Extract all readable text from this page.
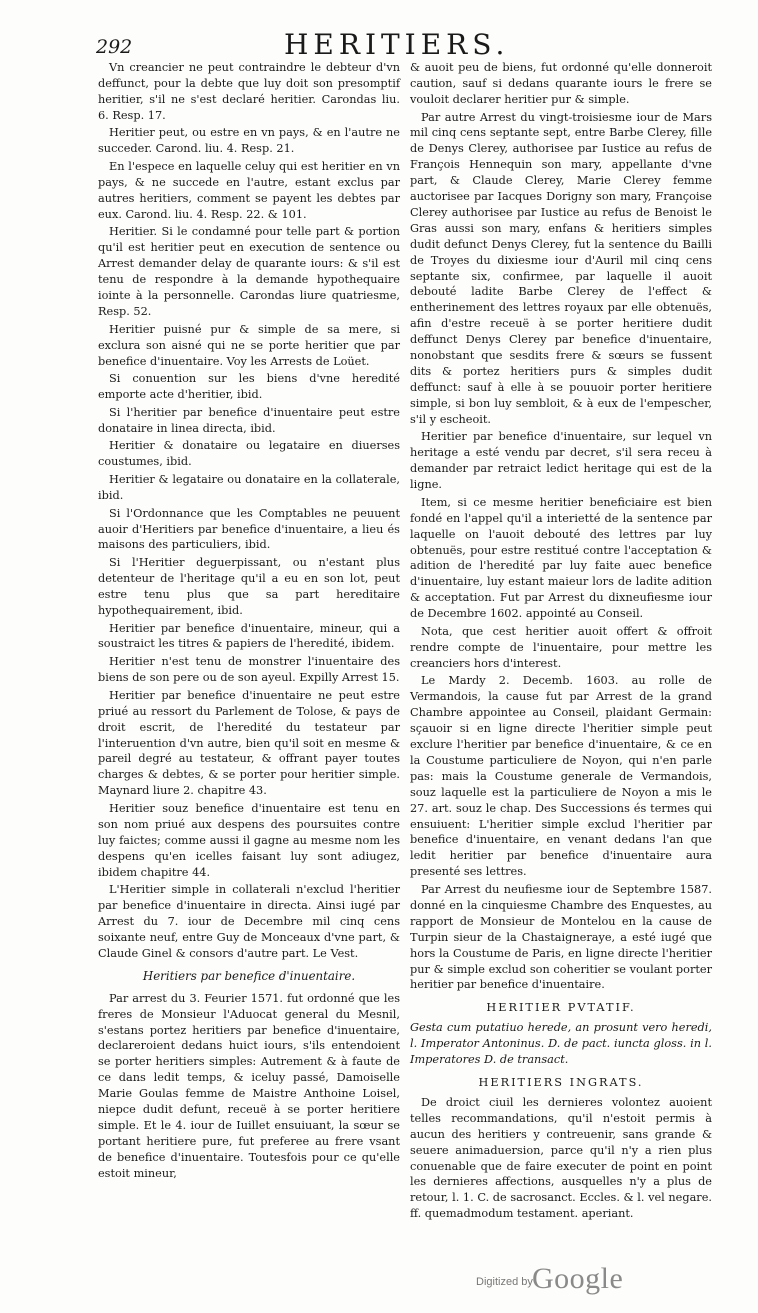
292	HERITIERS.

Vn creancier ne peut contraindre le debteur d'vn deffunct, pour la debte que luy doit son presomptif heritier, s'il ne s'est declaré heritier. Carondas liu. 6. Resp. 17.

Heritier peut, ou estre en vn pays, & en l'autre ne succeder. Carond. liu. 4. Resp. 21.

En l'espece en laquelle celuy qui est heritier en vn pays, & ne succede en l'autre, estant exclus par autres heritiers, comment se payent les debtes par eux. Carond. liu. 4. Resp. 22. & 101.

Heritier. Si le condamné pour telle part & portion qu'il est heritier peut en execution de sentence ou Arrest demander delay de quarante iours: & s'il est tenu de respondre à la demande hypothequaire iointe à la personnelle. Carondas liure quatriesme, Resp. 52.

Heritier puisné pur & simple de sa mere, si exclura son aisné qui ne se porte heritier que par benefice d'inuentaire. Voy les Arrests de Loüet.

Si conuention sur les biens d'vne heredité emporte acte d'heritier, ibid.

Si l'heritier par benefice d'inuentaire peut estre donataire in linea directa, ibid.

Heritier & donataire ou legataire en diuerses coustumes, ibid.

Heritier & legataire ou donataire en la collaterale, ibid.

Si l'Ordonnance que les Comptables ne peuuent auoir d'Heritiers par benefice d'inuentaire, a lieu és maisons des particuliers, ibid.

Si l'Heritier deguerpissant, ou n'estant plus detenteur de l'heritage qu'il a eu en son lot, peut estre tenu plus que sa part hereditaire hypothequairement, ibid.

Heritier par benefice d'inuentaire, mineur, qui a soustraict les titres & papiers de l'heredité, ibidem.

Heritier n'est tenu de monstrer l'inuentaire des biens de son pere ou de son ayeul. Expilly Arrest 15.

Heritier par benefice d'inuentaire ne peut estre priué au ressort du Parlement de Tolose, & pays de droit escrit, de l'heredité du testateur par l'interuention d'vn autre, bien qu'il soit en mesme & pareil degré au testateur, & offrant payer toutes charges & debtes, & se porter pour heritier simple. Maynard liure 2. chapitre 43.

Heritier souz benefice d'inuentaire est tenu en son nom priué aux despens des poursuites contre luy faictes; comme aussi il gagne au mesme nom les despens qu'en icelles faisant luy sont adiugez, ibidem chapitre 44.

L'Heritier simple in collaterali n'exclud l'heritier par benefice d'inuentaire in directa. Ainsi iugé par Arrest du 7. iour de Decembre mil cinq cens soixante neuf, entre Guy de Monceaux d'vne part, & Claude Ginel & consors d'autre part. Le Vest.

Heritiers par benefice d'inuentaire.

Par arrest du 3. Feurier 1571. fut ordonné que les freres de Monsieur l'Aduocat general du Mesnil, s'estans portez heritiers par benefice d'inuentaire, declareroient dedans huict iours, s'ils entendoient se porter heritiers simples: Autrement & à faute de ce dans ledit temps, & iceluy passé, Damoiselle Marie Goulas femme de Maistre Anthoine Loisel, niepce dudit defunt, receuë à se porter heritiere simple. Et le 4. iour de Iuillet ensuiuant, la sœur se portant heritiere pure, fut preferee au frere vsant de benefice d'inuentaire. Toutesfois pour ce qu'elle estoit mineur,

& auoit peu de biens, fut ordonné qu'elle donneroit caution, sauf si dedans quarante iours le frere se vouloit declarer heritier pur & simple.

Par autre Arrest du vingt-troisiesme iour de Mars mil cinq cens septante sept, entre Barbe Clerey, fille de Denys Clerey, authorisee par Iustice au refus de François Hennequin son mary, appellante d'vne part, & Claude Clerey, Marie Clerey femme auctorisee par Iacques Dorigny son mary, Françoise Clerey authorisee par Iustice au refus de Benoist le Gras aussi son mary, enfans & heritiers simples dudit defunct Denys Clerey, fut la sentence du Bailli de Troyes du dixiesme iour d'Auril mil cinq cens septante six, confirmee, par laquelle il auoit debouté ladite Barbe Clerey de l'effect & entherinement des lettres royaux par elle obtenuës, afin d'estre receuë à se porter heritiere dudit deffunct Denys Clerey par benefice d'inuentaire, nonobstant que sesdits frere & sœurs se fussent dits & portez heritiers purs & simples dudit deffunct: sauf à elle à se pouuoir porter heritiere simple, si bon luy sembloit, & à eux de l'empescher, s'il y escheoit.

Heritier par benefice d'inuentaire, sur lequel vn heritage a esté vendu par decret, s'il sera receu à demander par retraict ledict heritage qui est de la ligne.

Item, si ce mesme heritier beneficiaire est bien fondé en l'appel qu'il a interietté de la sentence par laquelle on l'auoit debouté des lettres par luy obtenuës, pour estre restitué contre l'acceptation & adition de l'heredité par luy faite auec benefice d'inuentaire, luy estant maieur lors de ladite adition & acceptation. Fut par Arrest du dixneufiesme iour de Decembre 1602. appointé au Conseil.

Nota, que cest heritier auoit offert & offroit rendre compte de l'inuentaire, pour mettre les creanciers hors d'interest.

Le Mardy 2. Decemb. 1603. au rolle de Vermandois, la cause fut par Arrest de la grand Chambre appointee au Conseil, plaidant Germain: sçauoir si en ligne directe l'heritier simple peut exclure l'heritier par benefice d'inuentaire, & ce en la Coustume particuliere de Noyon, qui n'en parle pas: mais la Coustume generale de Vermandois, souz laquelle est la particuliere de Noyon a mis le 27. art. souz le chap. Des Successions és termes qui ensuiuent: L'heritier simple exclud l'heritier par benefice d'inuentaire, en venant dedans l'an que ledit heritier par benefice d'inuentaire aura presenté ses lettres.

Par Arrest du neufiesme iour de Septembre 1587. donné en la cinquiesme Chambre des Enquestes, au rapport de Monsieur de Montelou en la cause de Turpin sieur de la Chastaigneraye, a esté iugé que hors la Coustume de Paris, en ligne directe l'heritier pur & simple exclud son coheritier se voulant porter heritier par benefice d'inuentaire.

HERITIER PVTATIF.

Gesta cum putatiuo herede, an prosunt vero heredi, l. Imperator Antoninus. D. de pact. iuncta gloss. in l. Imperatores D. de transact.

HERITIERS INGRATS.

De droict ciuil les dernieres volontez auoient telles recommandations, qu'il n'estoit permis à aucun des heritiers y contreuenir, sans grande & seuere animaduersion, parce qu'il n'y a rien plus conuenable que de faire executer de point en point les dernieres affections, ausquelles n'y a plus de retour, l. 1. C. de sacrosanct. Eccles. & l. vel negare. ff. quemadmodum testament. aperiant.

Digitized by Google
